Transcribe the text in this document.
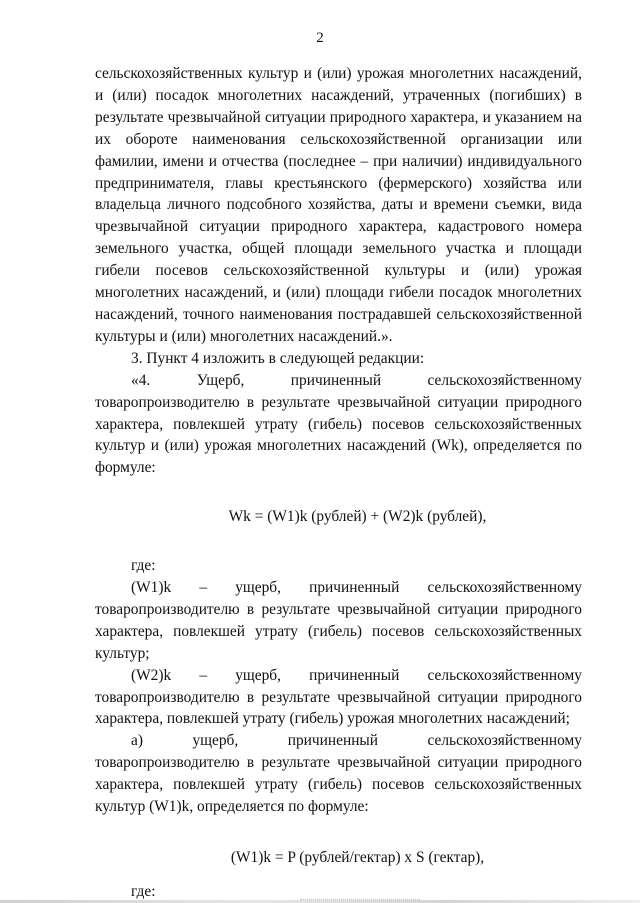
2

сельскохозяйственных культур и (или) урожая многолетних насаждений, и (или) посадок многолетних насаждений, утраченных (погибших) в результате чрезвычайной ситуации природного характера, и указанием на их обороте наименования сельскохозяйственной организации или фамилии, имени и отчества (последнее – при наличии) индивидуального предпринимателя, главы крестьянского (фермерского) хозяйства или владельца личного подсобного хозяйства, даты и времени съемки, вида чрезвычайной ситуации природного характера, кадастрового номера земельного участка, общей площади земельного участка и площади гибели посевов сельскохозяйственной культуры и (или) урожая многолетних насаждений, и (или) площади гибели посадок многолетних насаждений, точного наименования пострадавшей сельскохозяйственной культуры и (или) многолетних насаждений.».

3. Пункт 4 изложить в следующей редакции:

«4. Ущерб, причиненный сельскохозяйственному товаропроизводителю в результате чрезвычайной ситуации природного характера, повлекшей утрату (гибель) посевов сельскохозяйственных культур и (или) урожая многолетних насаждений (Wk), определяется по формуле:

Wk = (W1)k (рублей) + (W2)k (рублей),

где:

(W1)k – ущерб, причиненный сельскохозяйственному товаропроизводителю в результате чрезвычайной ситуации природного характера, повлекшей утрату (гибель) посевов сельскохозяйственных культур;

(W2)k – ущерб, причиненный сельскохозяйственному товаропроизводителю в результате чрезвычайной ситуации природного характера, повлекшей утрату (гибель) урожая многолетних насаждений;

а) ущерб, причиненный сельскохозяйственному товаропроизводителю в результате чрезвычайной ситуации природного характера, повлекшей утрату (гибель) посевов сельскохозяйственных культур (W1)k, определяется по формуле:

(W1)k = P (рублей/гектар) x S (гектар),

где:
